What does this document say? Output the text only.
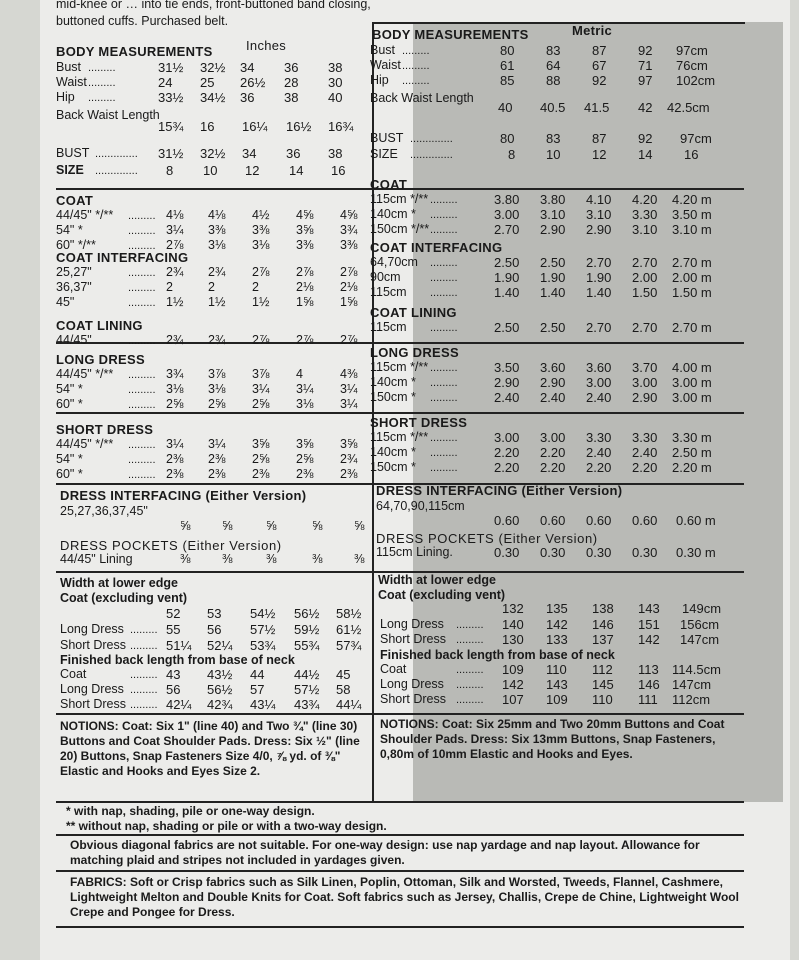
mid-knee or … into tie ends, front-buttoned band closing,
buttoned cuffs. Purchased belt.
BODY MEASUREMENTS	Inches
Bust .........	31½ 32½ 34 36 38
Waist .........	24 25 26½ 28 30
Hip .........	33½ 34½ 36 38 40
Back Waist Length
15¾ 16 16¼ 16½ 16¾
BUST .............. 31½ 32½ 34 36 38
SIZE .............. 8 10 12 14 16
COAT
44/45" */** ......... 4⅛ 4⅛ 4½ 4⅝ 4⅝
54" *	......... 3¼ 3⅜ 3⅜ 3⅝ 3¾
60" */**	......... 2⅞ 3⅛ 3⅛ 3⅜ 3⅜
COAT INTERFACING
25,27"	......... 2¾ 2¾ 2⅞ 2⅞ 2⅞
36,37"	......... 2	2	2	2⅛ 2⅛
45"	......... 1½ 1½ 1½ 1⅝ 1⅝
COAT LINING
44/45"	......... 2¾ 2¾ 2⅞ 2⅞ 2⅞
LONG DRESS
44/45" */** ......... 3¾ 3⅞ 3⅞ 4	4⅜
54" *	......... 3⅛ 3⅛ 3¼ 3¼ 3¼
60" *	......... 2⅝ 2⅝ 2⅝ 3⅛ 3¼
SHORT DRESS
44/45" */** ......... 3¼ 3¼ 3⅝ 3⅝ 3⅝
54" *	......... 2⅜ 2⅜ 2⅝ 2⅝ 2¾
60" *	......... 2⅜ 2⅜ 2⅜ 2⅜ 2⅜
DRESS INTERFACING (Either Version)
25,27,36,37,45"
⅝	⅝	⅝	⅝	⅝
DRESS POCKETS (Either Version)
44/45" Lining	⅜	⅜	⅜	⅜	⅜
Width at lower edge
Coat (excluding vent)
52 53 54½ 56½ 58½
Long Dress ......... 55 56 57½ 59½ 61½
Short Dress ......... 51¼ 52¼ 53¾ 55¾ 57¾
Finished back length from base of neck
Coat	......... 43 43½ 44 44½ 45
Long Dress ......... 56 56½ 57 57½ 58
Short Dress ......... 42¼ 42¾ 43¼ 43¾ 44¼
NOTIONS: Coat: Six 1" (line 40) and Two ¾" (line 30) Buttons and Coat Shoulder Pads. Dress: Six ½" (line 20) Buttons, Snap Fasteners Size 4/0, ⅞ yd. of ⅜" Elastic and Hooks and Eyes Size 2.
BODY MEASUREMENTS	Metric
Bust .........	80 83 87 92 97cm
Waist .........	61 64 67 71 76cm
Hip .........	85 88 92 97 102cm
Back Waist Length
40 40.5 41.5 42 42.5cm
BUST ..............	80 83 87 92 97cm
SIZE ..............	8 10 12 14 16
COAT
115cm */** .........	3.80 3.80 4.10 4.20 4.20 m
140cm * .........	3.00 3.10 3.10 3.30 3.50 m
150cm */** .........	2.70 2.90 2.90 3.10 3.10 m
COAT INTERFACING
64,70cm .........	2.50 2.50 2.70 2.70 2.70 m
90cm	.........	1.90 1.90 1.90 2.00 2.00 m
115cm .........	1.40 1.40 1.40 1.50 1.50 m
COAT LINING
115cm .........	2.50 2.50 2.70 2.70 2.70 m
LONG DRESS
115cm */** .........	3.50 3.60 3.60 3.70 4.00 m
140cm * .........	2.90 2.90 3.00 3.00 3.00 m
150cm * .........	2.40 2.40 2.40 2.90 3.00 m
SHORT DRESS
115cm */** .........	3.00 3.00 3.30 3.30 3.30 m
140cm * .........	2.20 2.20 2.40 2.40 2.50 m
150cm * .........	2.20 2.20 2.20 2.20 2.20 m
DRESS INTERFACING (Either Version)
64,70,90,115cm
0.60 0.60 0.60 0.60 0.60 m
DRESS POCKETS (Either Version)
115cm Lining.	0.30 0.30 0.30 0.30 0.30 m
Width at lower edge
Coat (excluding vent)
132 135 138 143 149cm
Long Dress ......... 140 142 146 151 156cm
Short Dress ......... 130 133 137 142 147cm
Finished back length from base of neck
Coat	......... 109 110 112 113 114.5cm
Long Dress ......... 142 143 145 146 147cm
Short Dress ......... 107 109 110 111 112cm
NOTIONS: Coat: Six 25mm and Two 20mm Buttons and Coat Shoulder Pads. Dress: Six 13mm Buttons, Snap Fasteners, 0,80m of 10mm Elastic and Hooks and Eyes.
* with nap, shading, pile or one-way design.
** without nap, shading or pile or with a two-way design.
Obvious diagonal fabrics are not suitable. For one-way design: use nap yardage and nap layout. Allowance for matching plaid and stripes not included in yardages given.
FABRICS: Soft or Crisp fabrics such as Silk Linen, Poplin, Ottoman, Silk and Worsted, Tweeds, Flannel, Cashmere, Lightweight Melton and Double Knits for Coat. Soft fabrics such as Jersey, Challis, Crepe de Chine, Lightweight Wool Crepe and Pongee for Dress.
